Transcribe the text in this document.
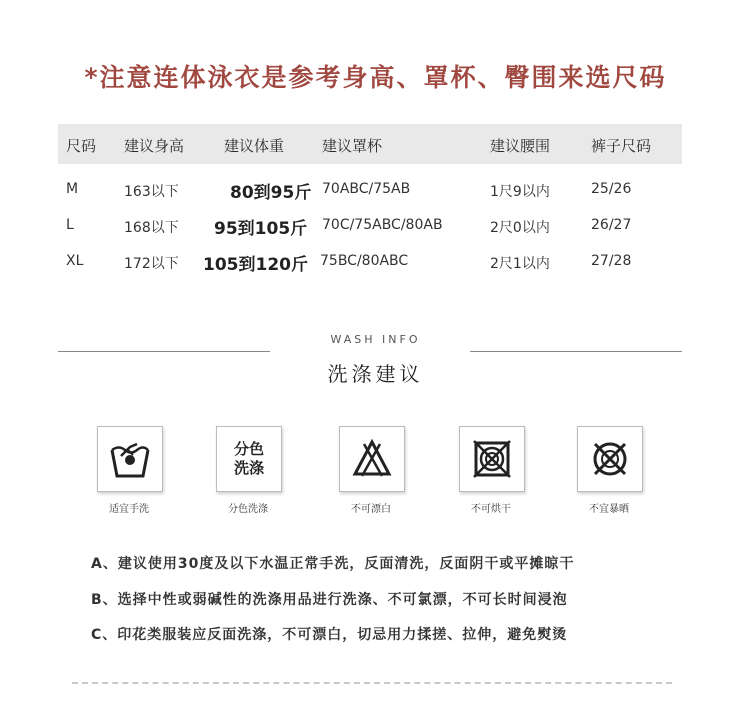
*注意连体泳衣是参考身高、罩杯、臀围来选尺码
尺码 建议身高	建议体重	建议罩杯	建议腰围	裤子尺码
M	163以下	80到95斤 70ABC/75AB	1尺9以内	25/26
L	168以下 95到105斤 70C/75ABC/80AB	2尺0以内	26/27
XL	172以下 105到120斤 75BC/80ABC	2尺1以内	27/28
WASH INFO
洗涤建议
适宜手洗
分色洗涤
分色洗涤	不可漂白	不可烘干	不宜暴晒
A、建议使用30度及以下水温正常手洗，反面清洗，反面阴干或平摊晾干
B、选择中性或弱碱性的洗涤用品进行洗涤、不可氯漂，不可长时间浸泡
C、印花类服装应反面洗涤，不可漂白，切忌用力揉搓、拉伸，避免熨烫
